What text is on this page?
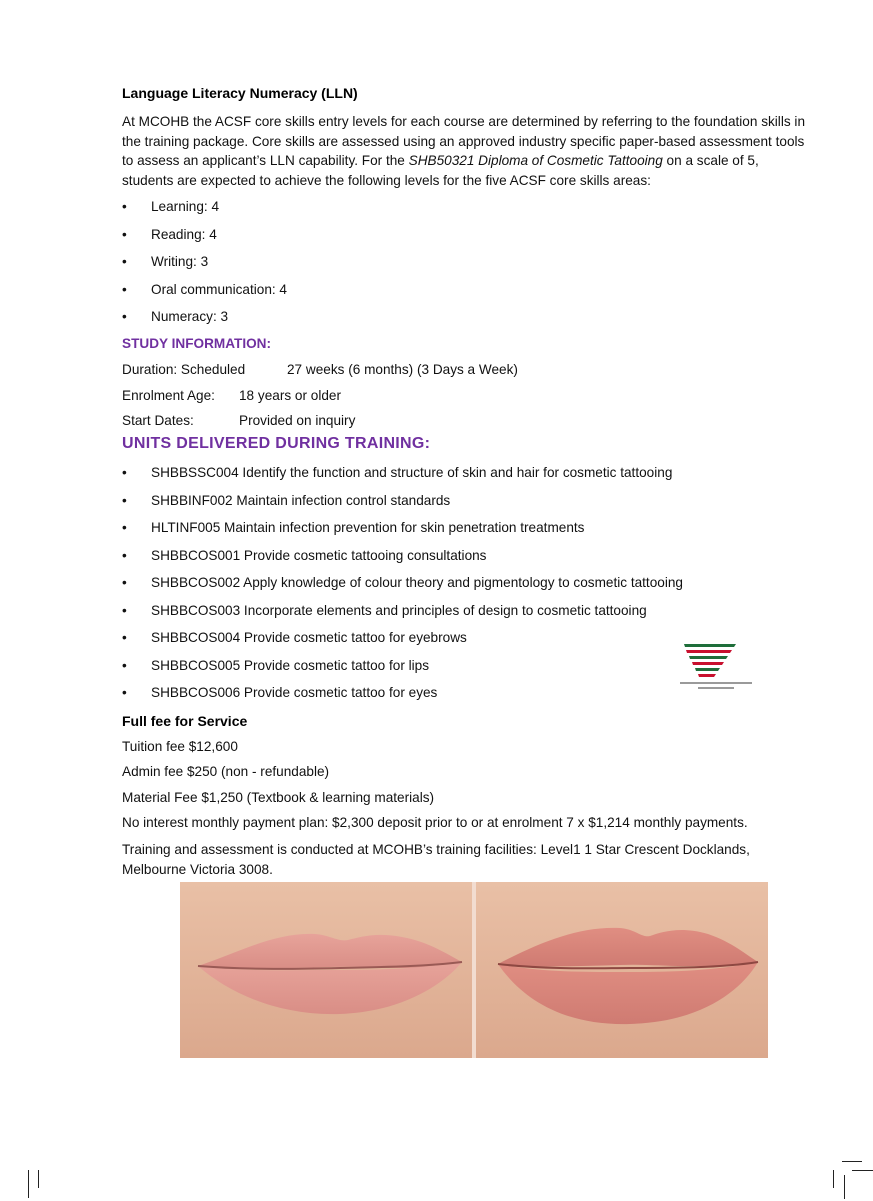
Language Literacy Numeracy (LLN)

At MCOHB the ACSF core skills entry levels for each course are determined by referring to the foundation skills in the training package. Core skills are assessed using an approved industry specific paper-based assessment tools to assess an applicant’s LLN capability. For the SHB50321 Diploma of Cosmetic Tattooing on a scale of 5, students are expected to achieve the following levels for the five ACSF core skills areas:

• Learning: 4
• Reading: 4
• Writing: 3
• Oral communication: 4
• Numeracy: 3
STUDY INFORMATION:
Duration: Scheduled	27 weeks (6 months) (3 Days a Week)
Enrolment Age: 18 years or older
Start Dates:	Provided on inquiry
UNITS DELIVERED DURING TRAINING:
• SHBBSSC004 Identify the function and structure of skin and hair for cosmetic tattooing
• SHBBINF002 Maintain infection control standards
• HLTINF005 Maintain infection prevention for skin penetration treatments
• SHBBCOS001 Provide cosmetic tattooing consultations
• SHBBCOS002 Apply knowledge of colour theory and pigmentology to cosmetic tattooing
• SHBBCOS003 Incorporate elements and principles of design to cosmetic tattooing
• SHBBCOS004 Provide cosmetic tattoo for eyebrows
• SHBBCOS005 Provide cosmetic tattoo for lips
• SHBBCOS006 Provide cosmetic tattoo for eyes
Full fee for Service
Tuition fee $12,600
Admin fee $250 (non - refundable)
Material Fee $1,250 (Textbook & learning materials)
No interest monthly payment plan: $2,300 deposit prior to or at enrolment 7 x $1,214 monthly payments.
Training and assessment is conducted at MCOHB’s training facilities: Level1 1 Star Crescent Docklands, Melbourne Victoria 3008.
